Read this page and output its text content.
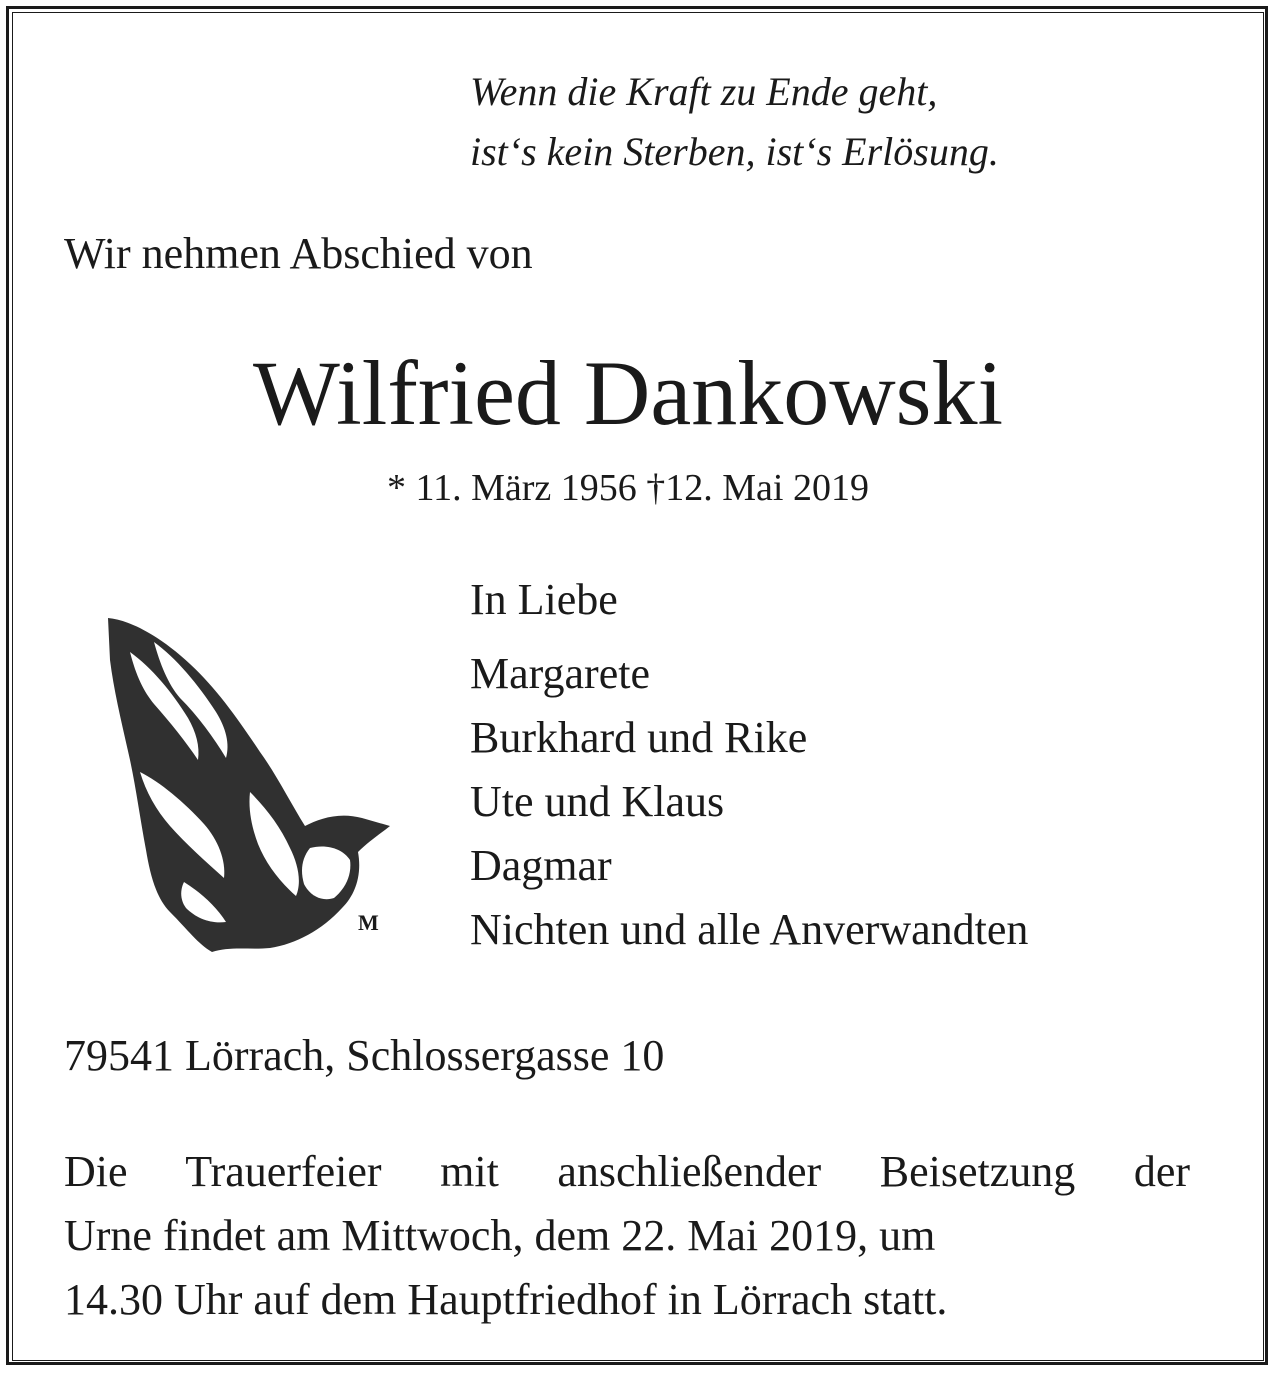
Wenn die Kraft zu Ende geht,
ist‘s kein Sterben, ist‘s Erlösung.
Wir nehmen Abschied von
Wilfried Dankowski
* 11. März 1956 †12. Mai 2019
M
In Liebe
Margarete
Burkhard und Rike
Ute und Klaus
Dagmar
Nichten und alle Anverwandten
79541 Lörrach, Schlossergasse 10
Die Trauerfeier mit anschließender Beisetzung der
Urne findet am Mittwoch, dem 22. Mai 2019, um
14.30 Uhr auf dem Hauptfriedhof in Lörrach statt.
